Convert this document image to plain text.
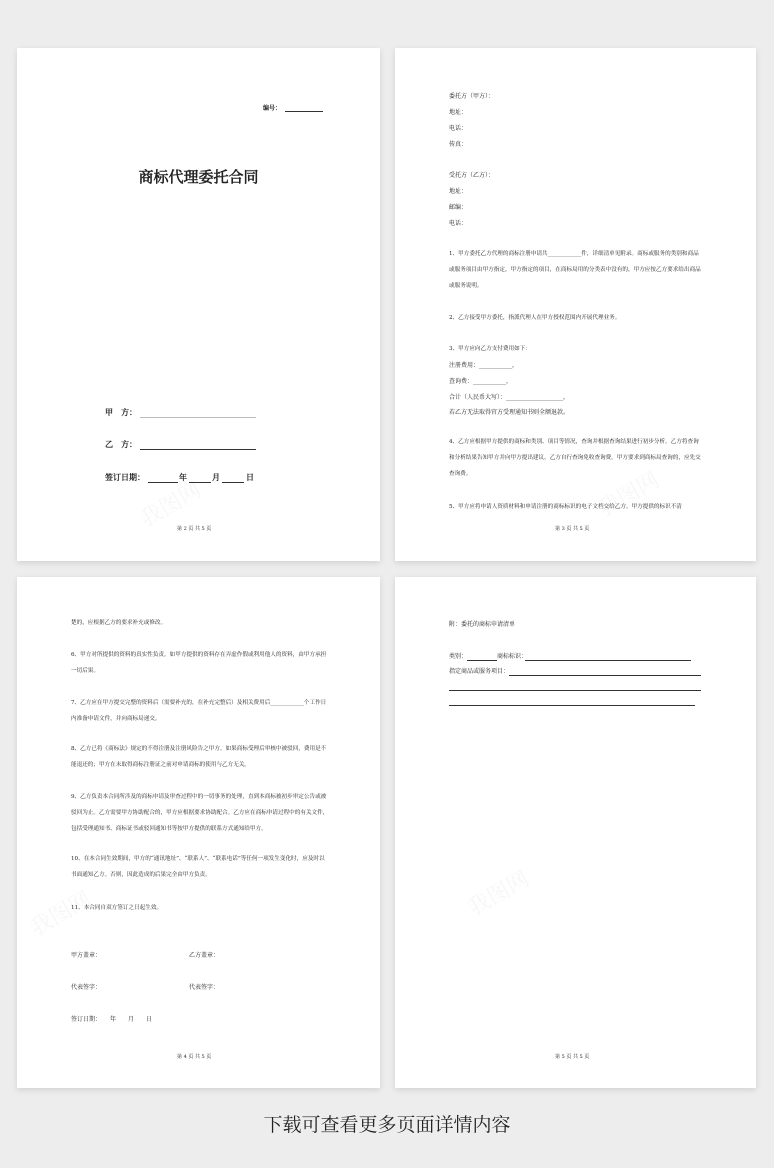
编号：
商标代理委托合同
甲　方：
乙　方：
签订日期：	年	月	日
第 2 页 共 5 页
委托方（甲方）：
地址：
电话：
传真：
受托方（乙方）：
地址：
邮编：
电话：
1、甲方委托乙方代理的商标注册申请共____________件，详细清单见附录。商标或服务的类别和商品或服务项目由甲方指定，甲方指定的项目，在商标局用的分类表中没有的，甲方应按乙方要求给出商品或服务说明。
2、乙方接受甲方委托，指派代理人在甲方授权范围内开展代理业务。
3、甲方应向乙方支付费用如下：
注册费用：___________，
查询费：___________，
合计（人民币大写）：___________________，
若乙方无法取得官方受理通知书则全额退款。
4、乙方应根据甲方提供的商标和类别、项目等情况，查询并根据查询结果进行初步分析。乙方将查询和分析结果告知甲方并向甲方提出建议。乙方自行查询免收查询费。甲方要求到商标局查询的，应先交查询费。
5、甲方应将申请人资质材料和申请注册的商标标识的电子文档交给乙方。甲方提供的标识不清
第 3 页 共 5 页
楚的，应根据乙方的要求补充或修改。
6、甲方对所提供的资料的真实性负责。如甲方提供的资料存在弄虚作假或利用他人的资料，由甲方承担一切后果。
7、乙方应在甲方提交完整的资料后（需要补充的，在补充完整后）及相关费用后____________个工作日内准备申请文件，并向商标局递交。
8、乙方已将《商标法》规定的不得注册及注册风险告之甲方。如果商标受理后审核中被驳回，费用是不能退还的；甲方在未取得商标注册证之前对申请商标的使用与乙方无关。
9、乙方负责本合同所涉及的商标申请及审查过程中的一切事务的处理，直到本商标被初步审定公告或被驳回为止。乙方需要甲方协助配合的，甲方应根据要求协助配合。乙方应在商标申请过程中的有关文件，包括受理通知书、商标证书或驳回通知书等按甲方提供的联系方式通知给甲方。
10、在本合同生效期间，甲方的“通讯地址”、“联系人”、“联系电话”等任何一项发生变化时，应及时以书面通知乙方。否则，因此造成的后果完全由甲方负责。
11、本合同自双方签订之日起生效。
甲方盖章：	乙方盖章：
代表签字：	代表签字：
签订日期：　　年　　月　　日
第 4 页 共 5 页
附：委托的商标申请清单
类别：	商标标识：
指定商品或服务项目：
第 5 页 共 5 页
下载可查看更多页面详情内容
